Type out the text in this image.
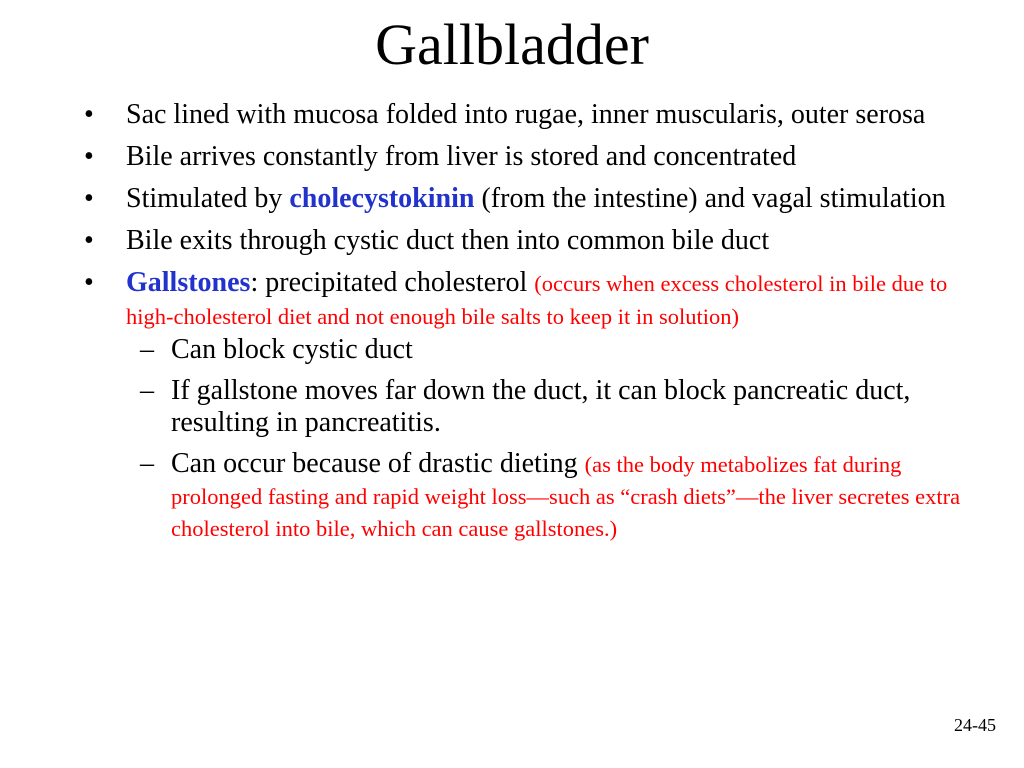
Gallbladder
•	Sac lined with mucosa folded into rugae, inner muscularis, outer serosa
•	Bile arrives constantly from liver is stored and concentrated
•	Stimulated by cholecystokinin (from the intestine) and vagal stimulation
•	Bile exits through cystic duct then into common bile duct
•	Gallstones: precipitated cholesterol (occurs when excess cholesterol in bile due to high-cholesterol diet and not enough bile salts to keep it in solution)
– Can block cystic duct
– If gallstone moves far down the duct, it can block pancreatic duct, resulting in pancreatitis.
– Can occur because of drastic dieting (as the body metabolizes fat during prolonged fasting and rapid weight loss—such as “crash diets”—the liver secretes extra cholesterol into bile, which can cause gallstones.)
24-45
